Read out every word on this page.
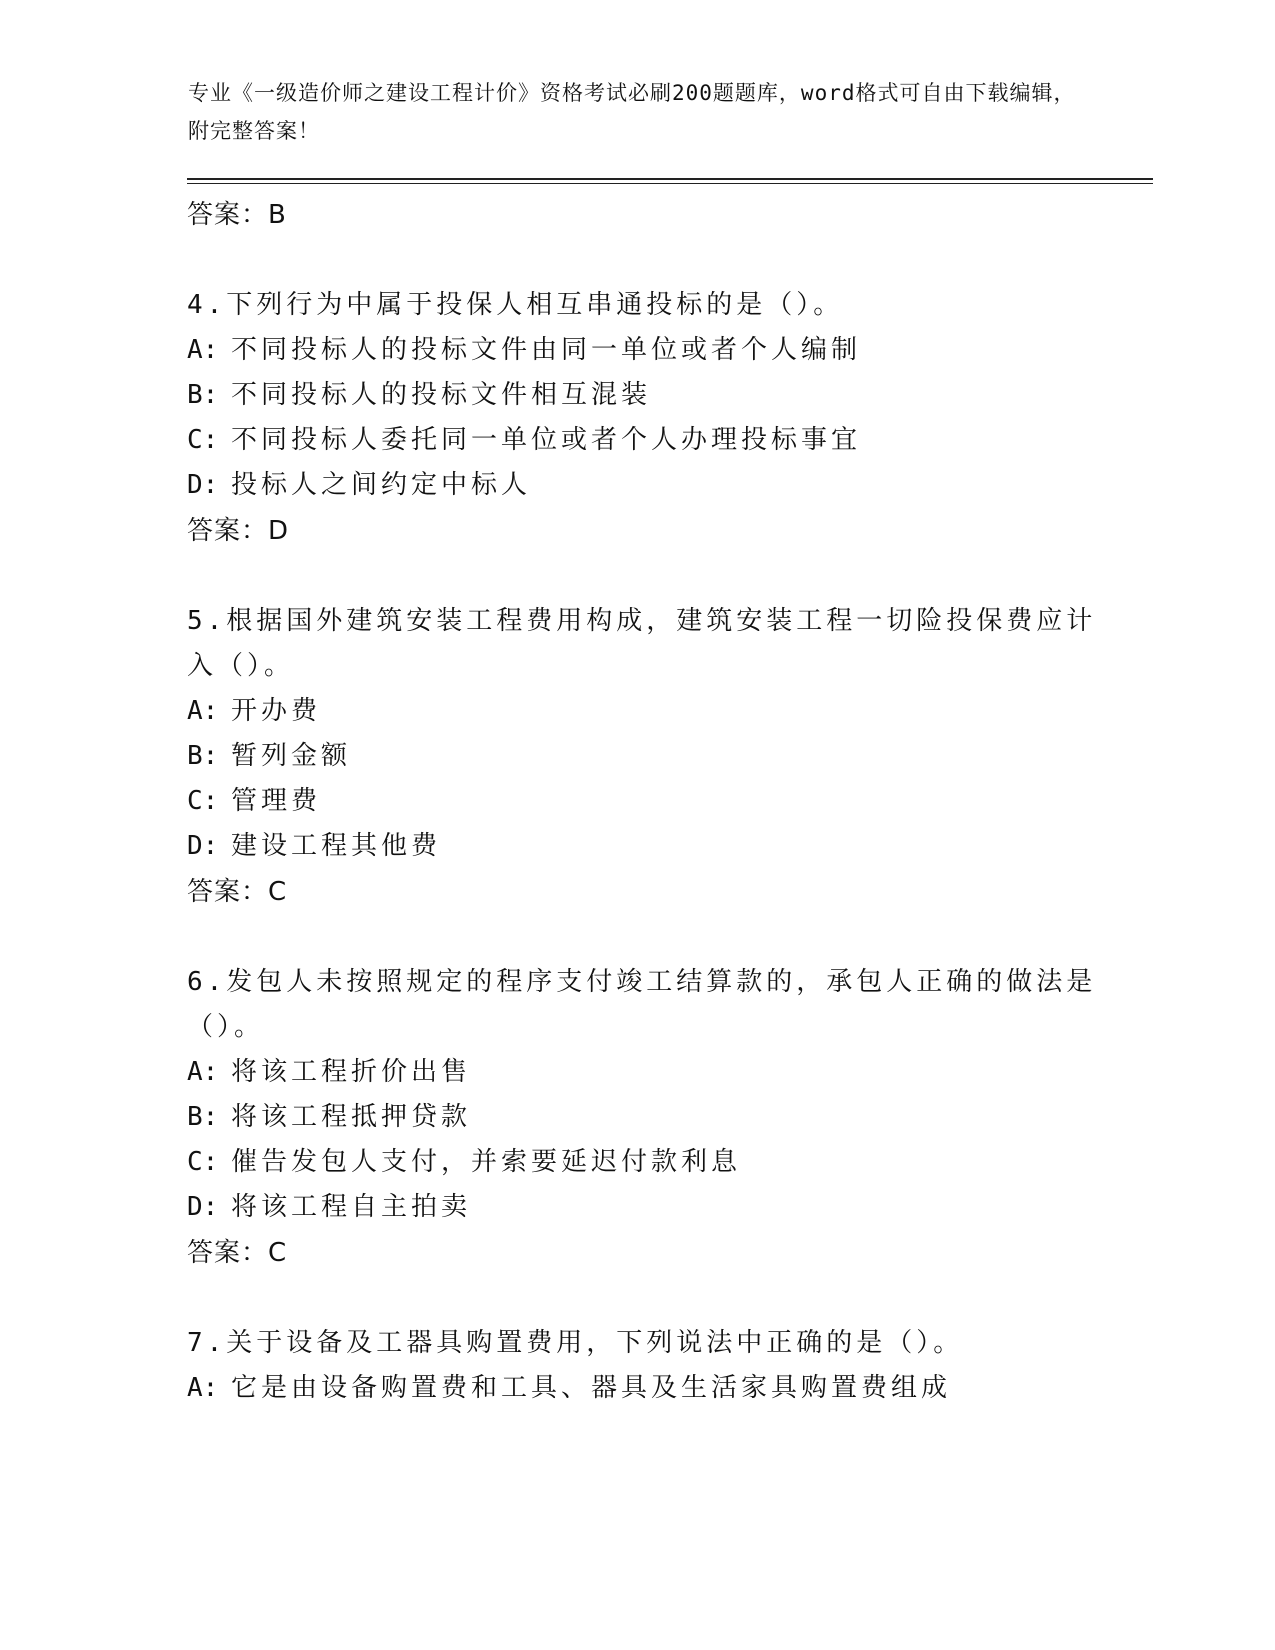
专业《一级造价师之建设工程计价》资格考试必刷200题题库，word格式可自由下载编辑，附完整答案！
答案：B
4.下列行为中属于投保人相互串通投标的是（）。
A: 不同投标人的投标文件由同一单位或者个人编制
B: 不同投标人的投标文件相互混装
C: 不同投标人委托同一单位或者个人办理投标事宜
D: 投标人之间约定中标人
答案：D
5.根据国外建筑安装工程费用构成，建筑安装工程一切险投保费应计入（）。
A: 开办费
B: 暂列金额
C: 管理费
D: 建设工程其他费
答案：C
6.发包人未按照规定的程序支付竣工结算款的，承包人正确的做法是（）。
A: 将该工程折价出售
B: 将该工程抵押贷款
C: 催告发包人支付，并索要延迟付款利息
D: 将该工程自主拍卖
答案：C
7.关于设备及工器具购置费用，下列说法中正确的是（）。
A: 它是由设备购置费和工具、器具及生活家具购置费组成
